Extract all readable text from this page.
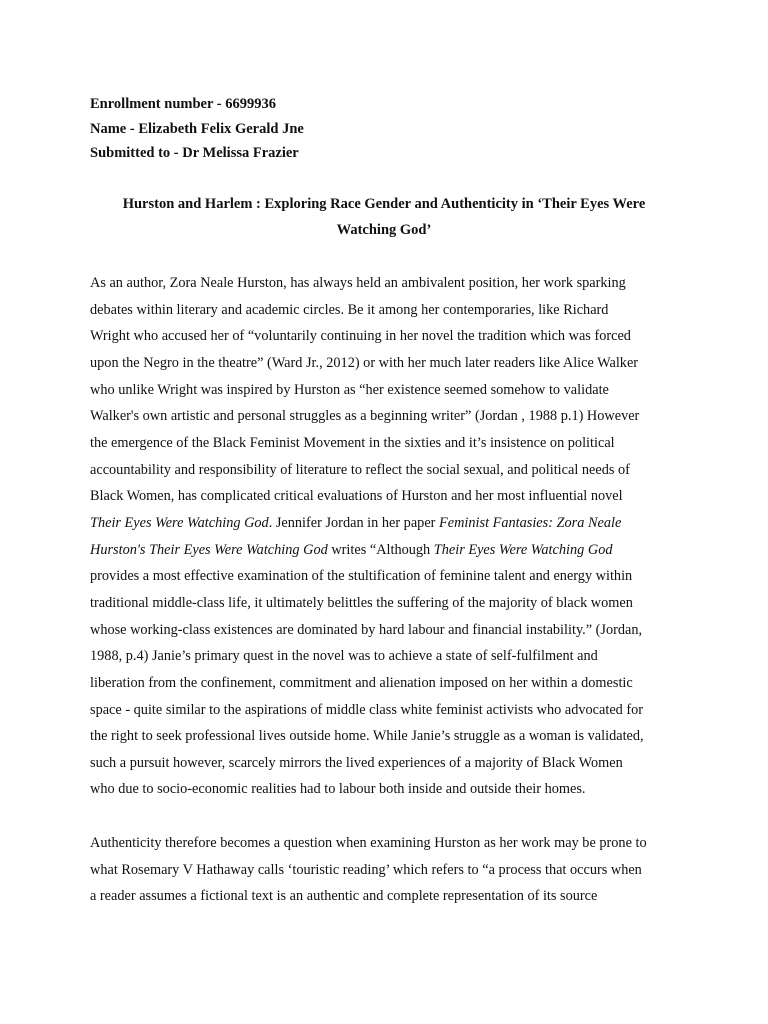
Enrollment number - 6699936
Name - Elizabeth Felix Gerald Jne
Submitted to - Dr Melissa Frazier
Hurston and Harlem : Exploring Race Gender and Authenticity in ‘Their Eyes Were
Watching God’
As an author, Zora Neale Hurston, has always held an ambivalent position, her work sparking
debates within literary and academic circles. Be it among her contemporaries, like Richard
Wright who accused her of “voluntarily continuing in her novel the tradition which was forced
upon the Negro in the theatre” (Ward Jr., 2012) or with her much later readers like Alice Walker
who unlike Wright was inspired by Hurston as “her existence seemed somehow to validate
Walker's own artistic and personal struggles as a beginning writer” (Jordan , 1988 p.1) However
the emergence of the Black Feminist Movement in the sixties and it’s insistence on political
accountability and responsibility of literature to reflect the social sexual, and political needs of
Black Women, has complicated critical evaluations of Hurston and her most influential novel
Their Eyes Were Watching God. Jennifer Jordan in her paper Feminist Fantasies: Zora Neale
Hurston's Their Eyes Were Watching God writes “Although Their Eyes Were Watching God
provides a most effective examination of the stultification of feminine talent and energy within
traditional middle-class life, it ultimately belittles the suffering of the majority of black women
whose working-class existences are dominated by hard labour and financial instability.” (Jordan,
1988, p.4) Janie’s primary quest in the novel was to achieve a state of self-fulfilment and
liberation from the confinement, commitment and alienation imposed on her within a domestic
space - quite similar to the aspirations of middle class white feminist activists who advocated for
the right to seek professional lives outside home. While Janie’s struggle as a woman is validated,
such a pursuit however, scarcely mirrors the lived experiences of a majority of Black Women
who due to socio-economic realities had to labour both inside and outside their homes.
Authenticity therefore becomes a question when examining Hurston as her work may be prone to
what Rosemary V Hathaway calls ‘touristic reading’ which refers to “a process that occurs when
a reader assumes a fictional text is an authentic and complete representation of its source
